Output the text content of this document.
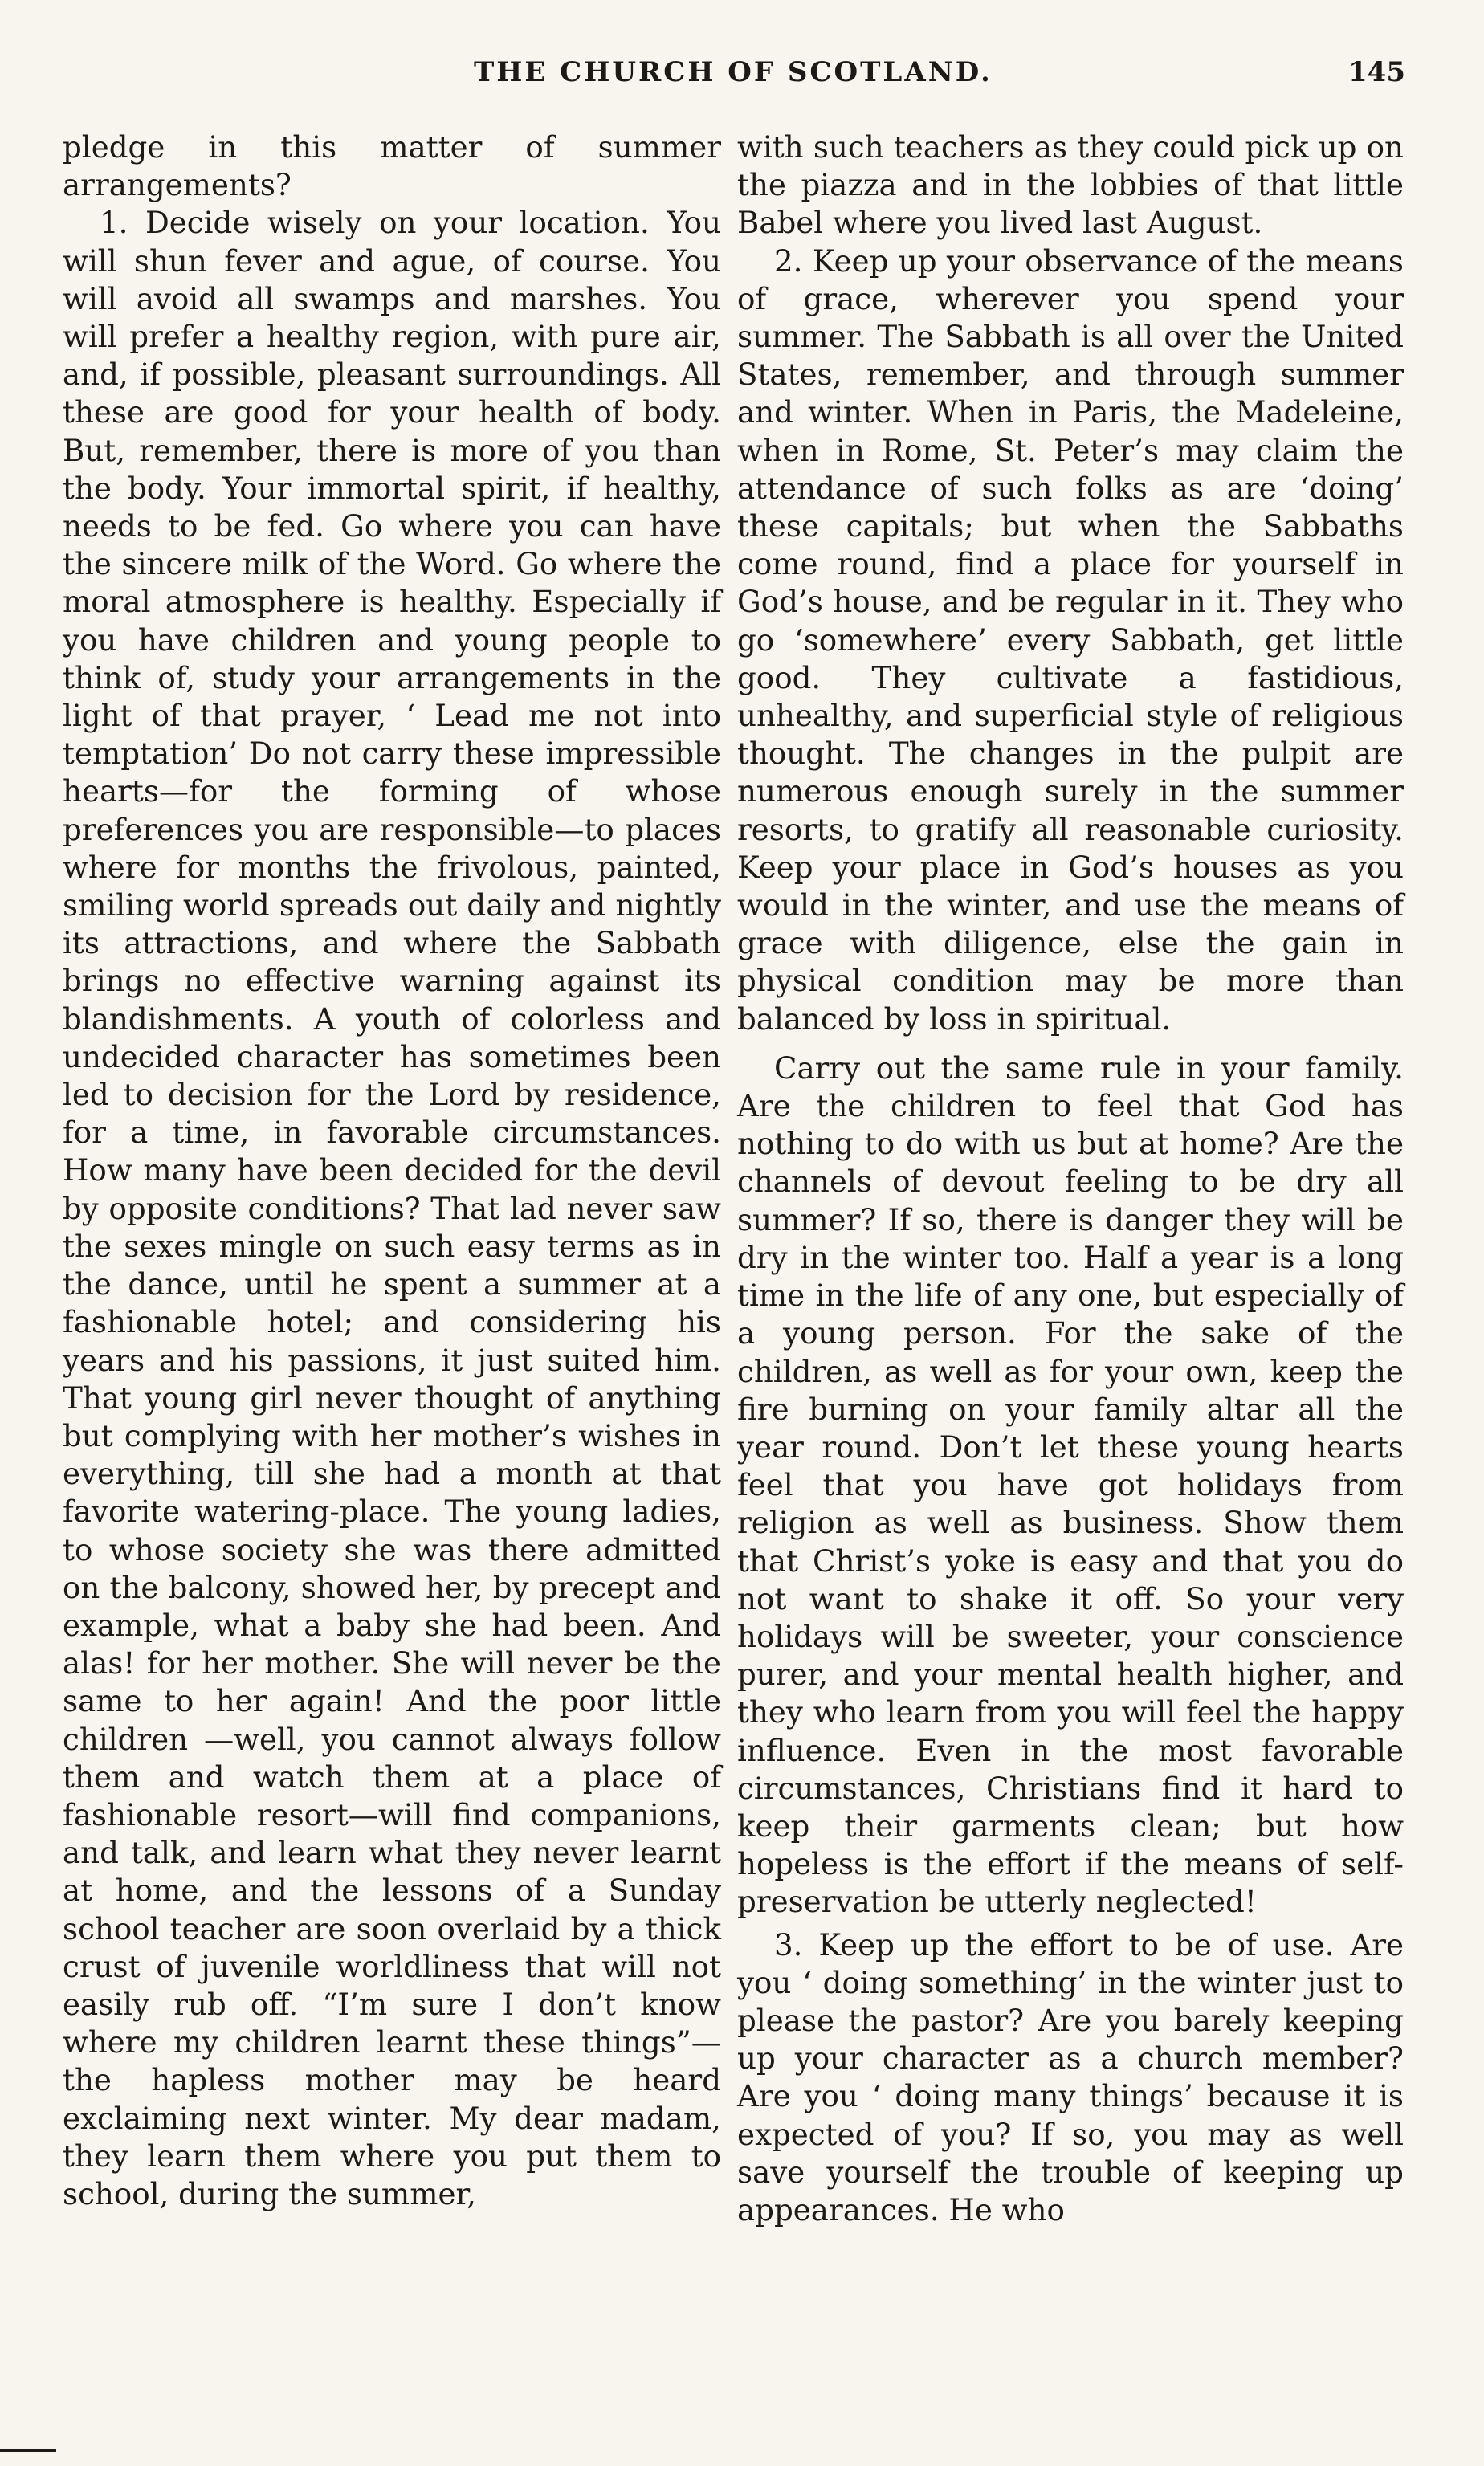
THE CHURCH OF SCOTLAND.	145

pledge in this matter of summer arrangements?

1. Decide wisely on your location. You will shun fever and ague, of course. You will avoid all swamps and marshes. You will prefer a healthy region, with pure air, and, if possible, pleasant surroundings. All these are good for your health of body. But, remember, there is more of you than the body. Your immortal spirit, if healthy, needs to be fed. Go where you can have the sincere milk of the Word. Go where the moral atmosphere is healthy. Especially if you have children and young people to think of, study your arrangements in the light of that prayer, ‘ Lead me not into temptation’ Do not carry these impressible hearts—for the forming of whose preferences you are responsible—to places where for months the frivolous, painted, smiling world spreads out daily and nightly its attractions, and where the Sabbath brings no effective warning against its blandishments. A youth of colorless and undecided character has sometimes been led to decision for the Lord by residence, for a time, in favorable circumstances. How many have been decided for the devil by opposite conditions? That lad never saw the sexes mingle on such easy terms as in the dance, until he spent a summer at a fashionable hotel; and considering his years and his passions, it just suited him. That young girl never thought of anything but complying with her mother’s wishes in everything, till she had a month at that favorite watering-place. The young ladies, to whose society she was there admitted on the balcony, showed her, by precept and example, what a baby she had been. And alas! for her mother. She will never be the same to her again! And the poor little children —well, you cannot always follow them and watch them at a place of fashionable resort—will find companions, and talk, and learn what they never learnt at home, and the lessons of a Sunday school teacher are soon overlaid by a thick crust of juvenile worldliness that will not easily rub off. “I’m sure I don’t know where my children learnt these things”—the hapless mother may be heard exclaiming next winter. My dear madam, they learn them where you put them to school, during the summer,

with such teachers as they could pick up on the piazza and in the lobbies of that little Babel where you lived last August.

2. Keep up your observance of the means of grace, wherever you spend your summer. The Sabbath is all over the United States, remember, and through summer and winter. When in Paris, the Madeleine, when in Rome, St. Peter’s may claim the attendance of such folks as are ‘doing’ these capitals; but when the Sabbaths come round, find a place for yourself in God’s house, and be regular in it. They who go ‘somewhere’ every Sabbath, get little good. They cultivate a fastidious, unhealthy, and superficial style of religious thought. The changes in the pulpit are numerous enough surely in the summer resorts, to gratify all reasonable curiosity. Keep your place in God’s houses as you would in the winter, and use the means of grace with diligence, else the gain in physical condition may be more than balanced by loss in spiritual.

Carry out the same rule in your family. Are the children to feel that God has nothing to do with us but at home? Are the channels of devout feeling to be dry all summer? If so, there is danger they will be dry in the winter too. Half a year is a long time in the life of any one, but especially of a young person. For the sake of the children, as well as for your own, keep the fire burning on your family altar all the year round. Don’t let these young hearts feel that you have got holidays from religion as well as business. Show them that Christ’s yoke is easy and that you do not want to shake it off. So your very holidays will be sweeter, your conscience purer, and your mental health higher, and they who learn from you will feel the happy influence. Even in the most favorable circumstances, Christians find it hard to keep their garments clean; but how hopeless is the effort if the means of self-preservation be utterly neglected!

3. Keep up the effort to be of use. Are you ‘ doing something’ in the winter just to please the pastor? Are you barely keeping up your character as a church member? Are you ‘ doing many things’ because it is expected of you? If so, you may as well save yourself the trouble of keeping up appearances. He who
